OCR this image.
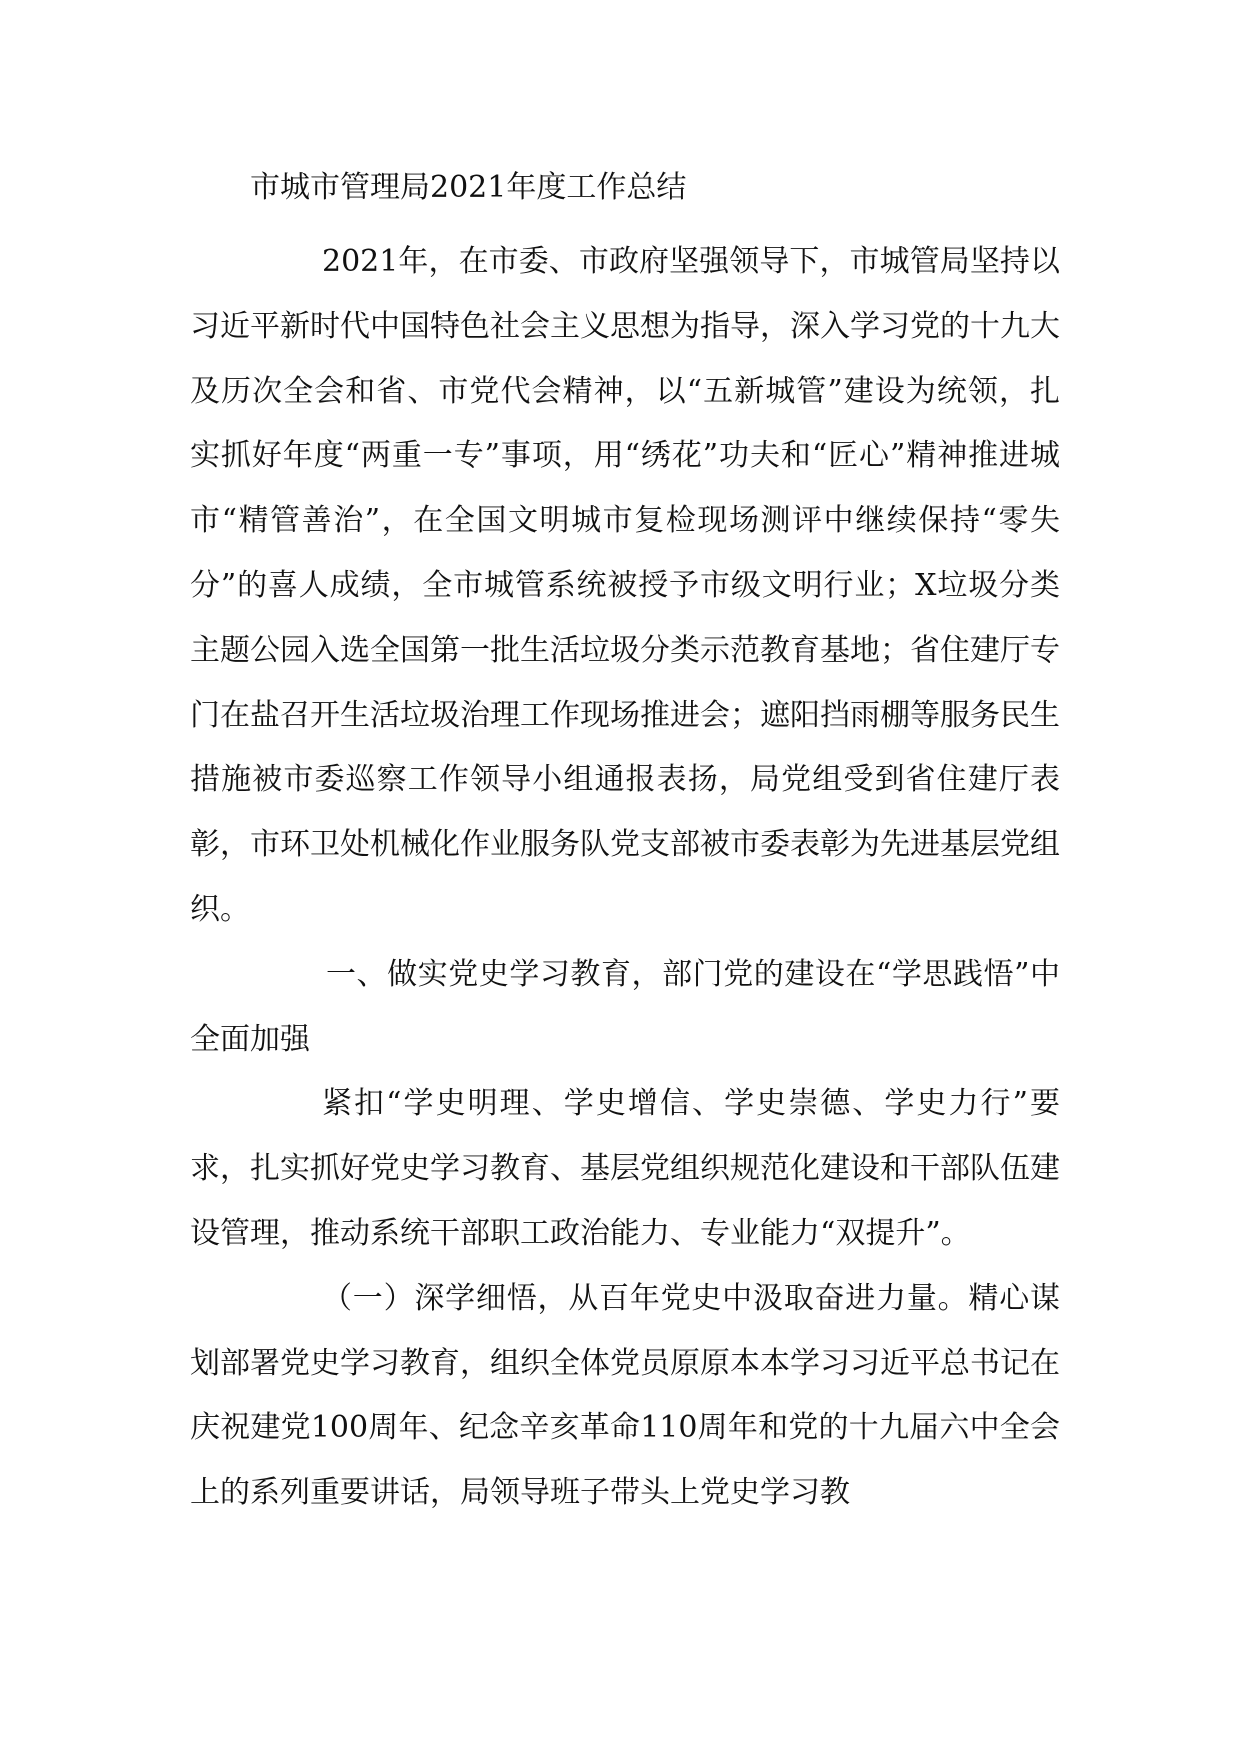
市城市管理局2021年度工作总结

2021年，在市委、市政府坚强领导下，市城管局坚持以习近平新时代中国特色社会主义思想为指导，深入学习党的十九大及历次全会和省、市党代会精神，以“五新城管”建设为统领，扎实抓好年度“两重一专”事项，用“绣花”功夫和“匠心”精神推进城市“精管善治”，在全国文明城市复检现场测评中继续保持“零失分”的喜人成绩，全市城管系统被授予市级文明行业；X垃圾分类主题公园入选全国第一批生活垃圾分类示范教育基地；省住建厅专门在盐召开生活垃圾治理工作现场推进会；遮阳挡雨棚等服务民生措施被市委巡察工作领导小组通报表扬，局党组受到省住建厅表彰，市环卫处机械化作业服务队党支部被市委表彰为先进基层党组织。

一、做实党史学习教育，部门党的建设在“学思践悟”中全面加强

紧扣“学史明理、学史增信、学史崇德、学史力行”要求，扎实抓好党史学习教育、基层党组织规范化建设和干部队伍建设管理，推动系统干部职工政治能力、专业能力“双提升”。

（一）深学细悟，从百年党史中汲取奋进力量。精心谋划部署党史学习教育，组织全体党员原原本本学习习近平总书记在庆祝建党100周年、纪念辛亥革命110周年和党的十九届六中全会上的系列重要讲话，局领导班子带头上党史学习教
